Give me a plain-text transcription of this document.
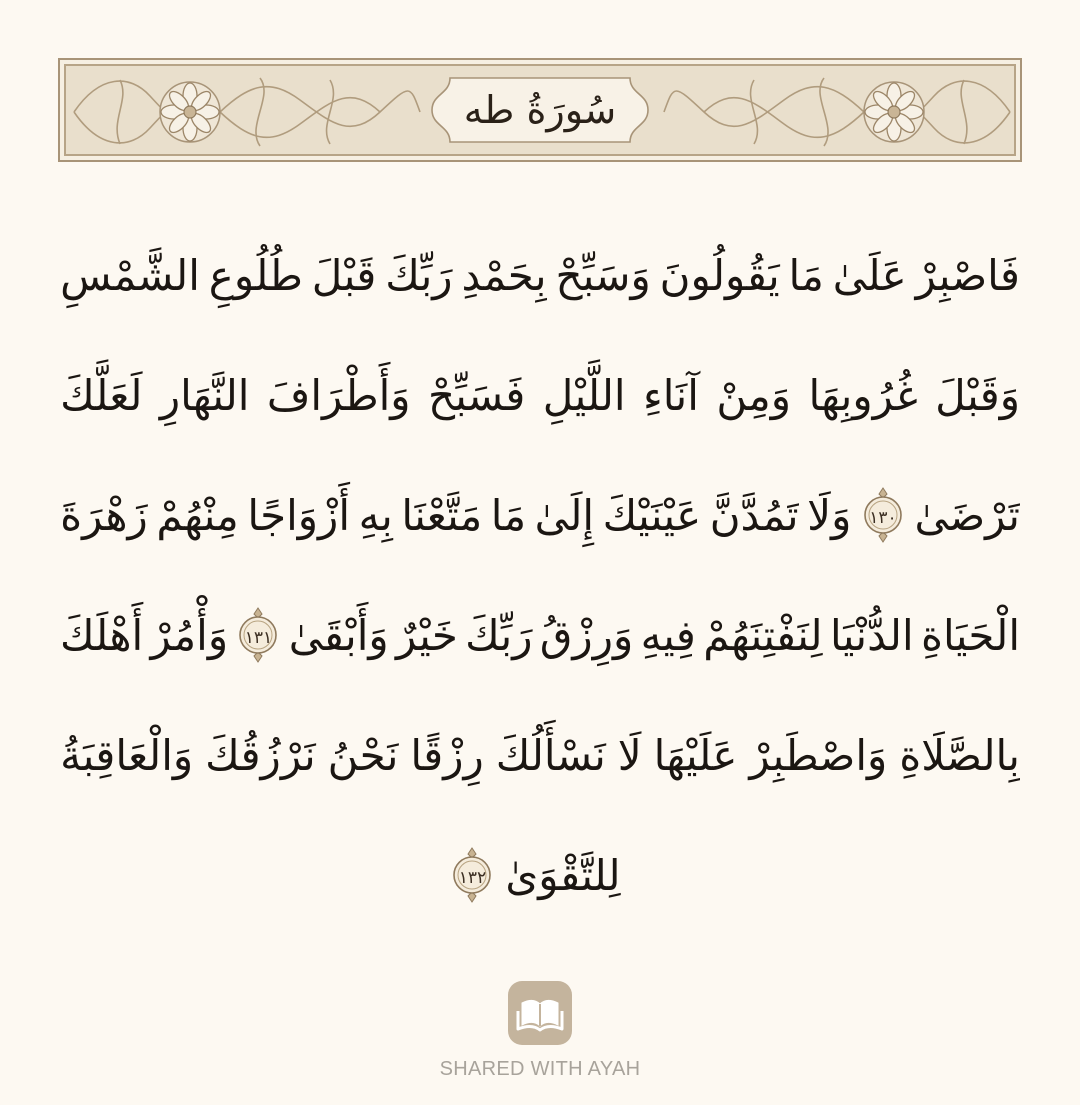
سُورَةُ طه
فَاصْبِرْ
عَلَىٰ
مَا
يَقُولُونَ
وَسَبِّحْ
بِحَمْدِ
رَبِّكَ
قَبْلَ
طُلُوعِ
الشَّمْسِ
وَقَبْلَ
غُرُوبِهَا
وَمِنْ
آنَاءِ
اللَّيْلِ
فَسَبِّحْ
وَأَطْرَافَ
النَّهَارِ
لَعَلَّكَ
تَرْضَىٰ
١٣٠
وَلَا
تَمُدَّنَّ
عَيْنَيْكَ
إِلَىٰ
مَا
مَتَّعْنَا
بِهِ
أَزْوَاجًا
مِنْهُمْ
زَهْرَةَ
الْحَيَاةِ
الدُّنْيَا
لِنَفْتِنَهُمْ
فِيهِ
وَرِزْقُ
رَبِّكَ
خَيْرٌ
وَأَبْقَىٰ
١٣١
وَأْمُرْ
أَهْلَكَ
بِالصَّلَاةِ
وَاصْطَبِرْ
عَلَيْهَا
لَا
نَسْأَلُكَ
رِزْقًا
نَحْنُ
نَرْزُقُكَ
وَالْعَاقِبَةُ
لِلتَّقْوَىٰ
١٣٢
SHARED WITH AYAH
